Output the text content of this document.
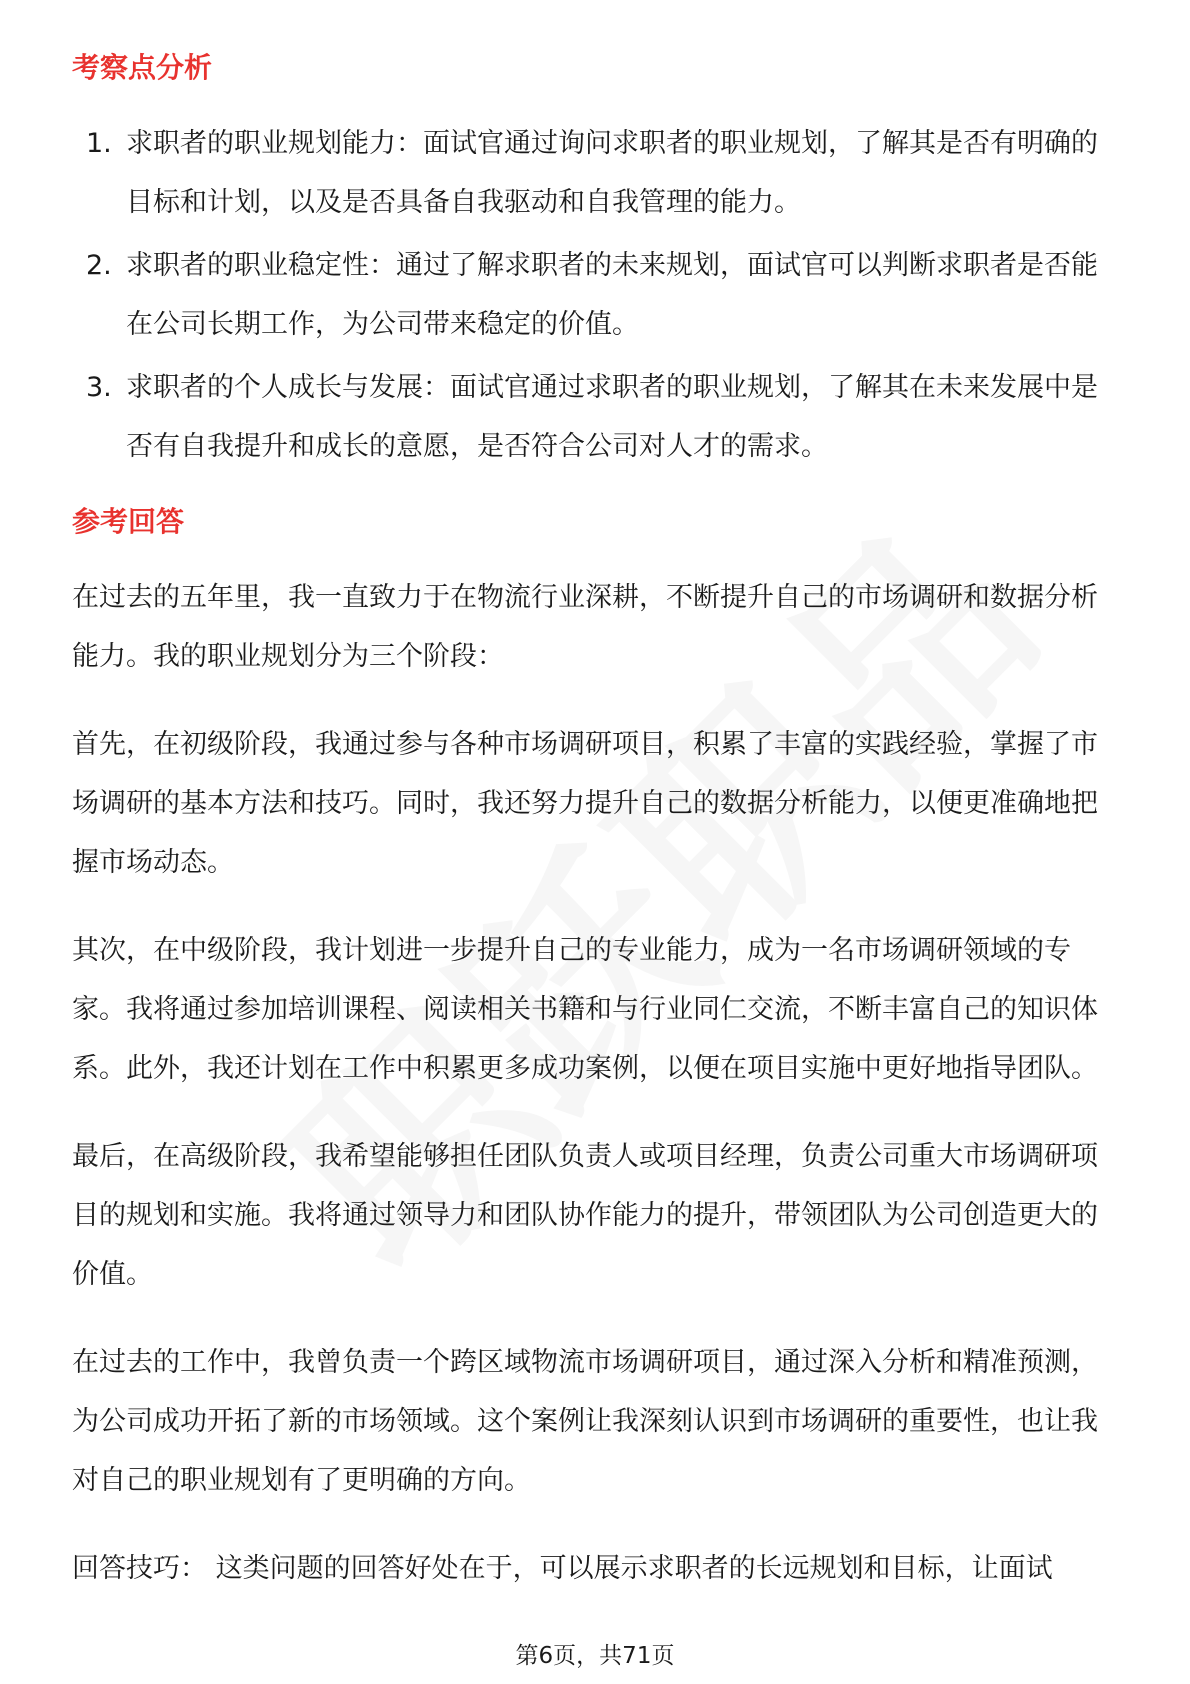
考察点分析
1. 求职者的职业规划能力：面试官通过询问求职者的职业规划，了解其是否有明确的目标和计划，以及是否具备自我驱动和自我管理的能力。
2. 求职者的职业稳定性：通过了解求职者的未来规划，面试官可以判断求职者是否能在公司长期工作，为公司带来稳定的价值。
3. 求职者的个人成长与发展：面试官通过求职者的职业规划，了解其在未来发展中是否有自我提升和成长的意愿，是否符合公司对人才的需求。
参考回答

在过去的五年里，我一直致力于在物流行业深耕，不断提升自己的市场调研和数据分析能力。我的职业规划分为三个阶段：

首先，在初级阶段，我通过参与各种市场调研项目，积累了丰富的实践经验，掌握了市场调研的基本方法和技巧。同时，我还努力提升自己的数据分析能力，以便更准确地把握市场动态。

其次，在中级阶段，我计划进一步提升自己的专业能力，成为一名市场调研领域的专家。我将通过参加培训课程、阅读相关书籍和与行业同仁交流，不断丰富自己的知识体系。此外，我还计划在工作中积累更多成功案例，以便在项目实施中更好地指导团队。

最后，在高级阶段，我希望能够担任团队负责人或项目经理，负责公司重大市场调研项目的规划和实施。我将通过领导力和团队协作能力的提升，带领团队为公司创造更大的价值。

在过去的工作中，我曾负责一个跨区域物流市场调研项目，通过深入分析和精准预测，为公司成功开拓了新的市场领域。这个案例让我深刻认识到市场调研的重要性，也让我对自己的职业规划有了更明确的方向。

回答技巧： 这类问题的回答好处在于，可以展示求职者的长远规划和目标，让面试

第6页，共71页
